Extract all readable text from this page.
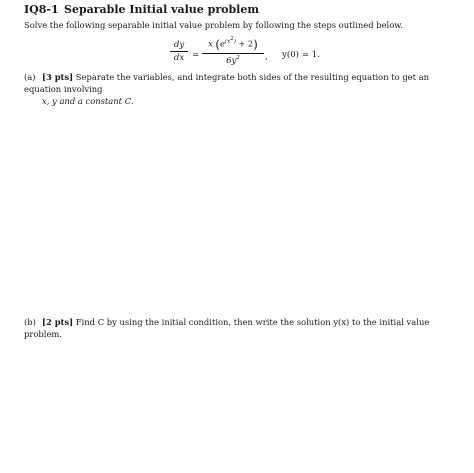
IQ8-1 Separable Initial value problem
Solve the following separable initial value problem by following the steps outlined below.
dy
dx =
x $(e^{(x^2)} + 2)$
$6y^2$	, y(0) = 1.
(a) [3 pts] Separate the variables, and integrate both sides of the resulting equation to get an equation involving
x, y and a constant C.
(b) [2 pts] Find C by using the initial condition, then write the solution y(x) to the initial value problem.
